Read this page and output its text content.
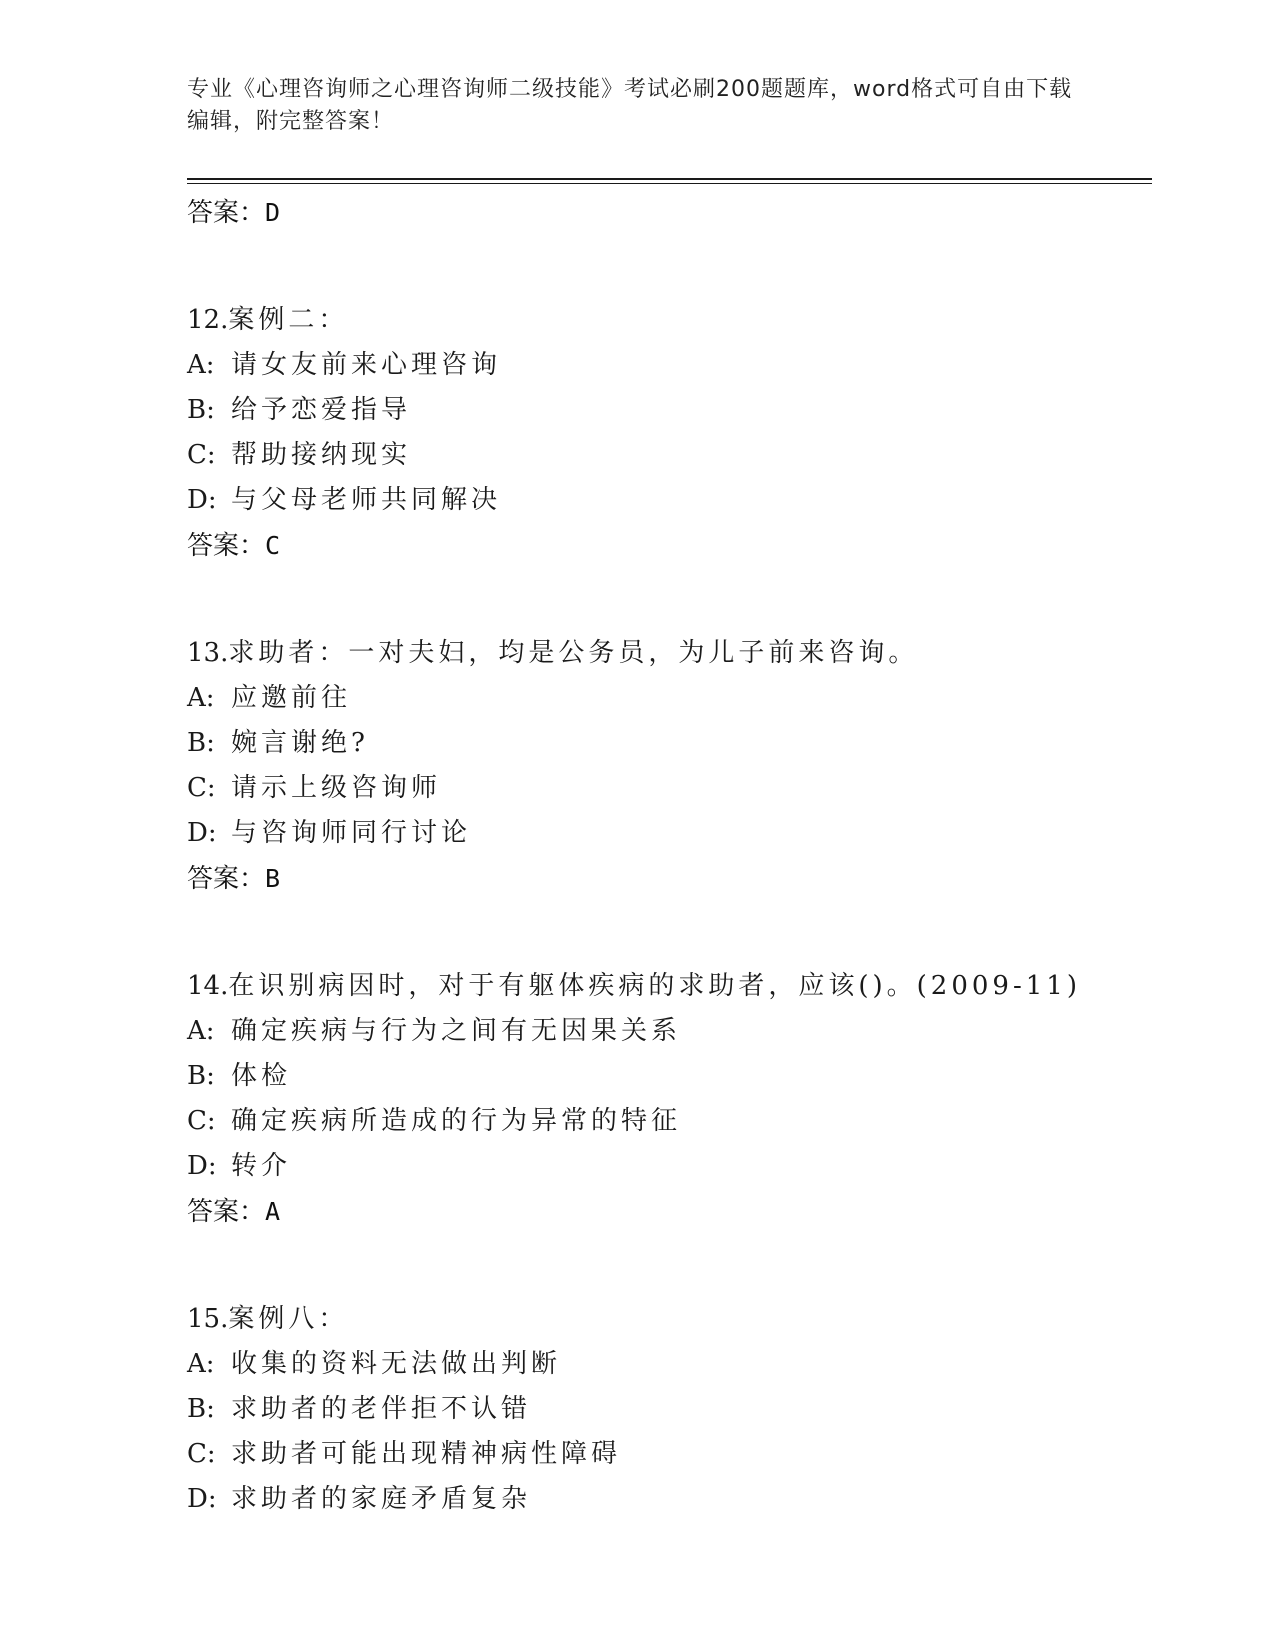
专业《心理咨询师之心理咨询师二级技能》考试必刷200题题库，word格式可自由下载编辑，附完整答案！
答案：D
12.案例二：
A: 请女友前来心理咨询
B: 给予恋爱指导
C: 帮助接纳现实
D: 与父母老师共同解决
答案：C
13.求助者：一对夫妇，均是公务员，为儿子前来咨询。
A: 应邀前往
B: 婉言谢绝?
C: 请示上级咨询师
D: 与咨询师同行讨论
答案：B
14.在识别病因时，对于有躯体疾病的求助者，应该()。(2009-11)
A: 确定疾病与行为之间有无因果关系
B: 体检
C: 确定疾病所造成的行为异常的特征
D: 转介
答案：A
15.案例八：
A: 收集的资料无法做出判断
B: 求助者的老伴拒不认错
C: 求助者可能出现精神病性障碍
D: 求助者的家庭矛盾复杂
